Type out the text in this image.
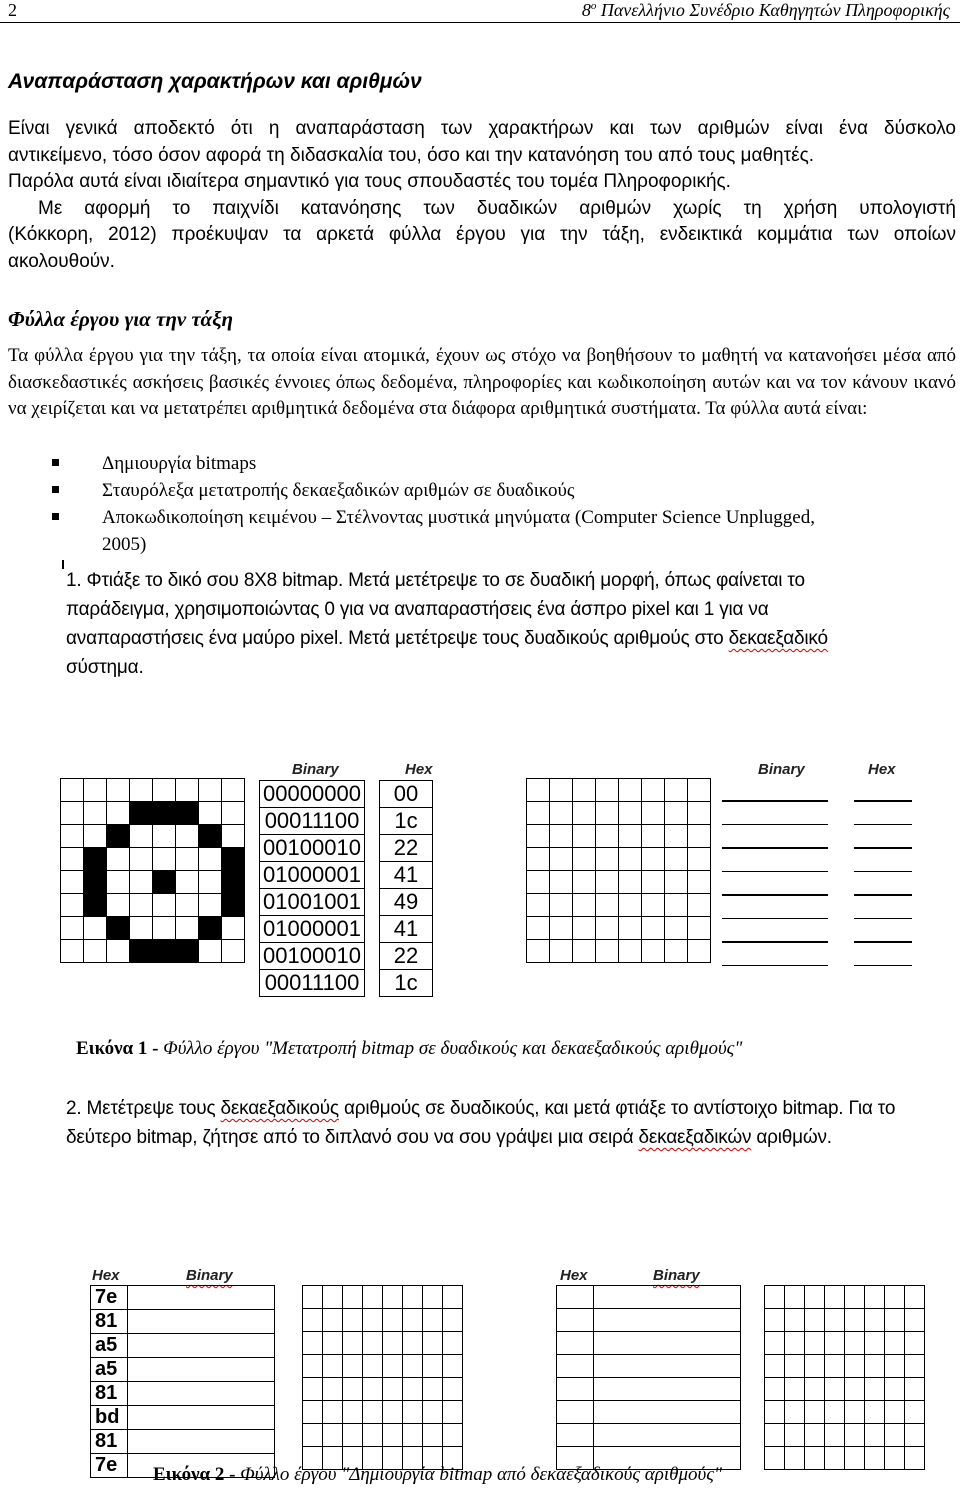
2	$8^o$ Πανελλήνιο Συνέδριο Καθηγητών Πληροφορικής
Αναπαράσταση χαρακτήρων και αριθμών
Είναι γενικά αποδεκτό ότι η αναπαράσταση των χαρακτήρων και των αριθμών είναι ένα δύσκολο
αντικείμενο, τόσο όσον αφορά τη διδασκαλία του, όσο και την κατανόηση του από τους μαθητές.
Παρόλα αυτά είναι ιδιαίτερα σημαντικό για τους σπουδαστές του τομέα Πληροφορικής.
Με αφορμή το παιχνίδι κατανόησης των δυαδικών αριθμών χωρίς τη χρήση υπολογιστή
(Κόκκορη, 2012) προέκυψαν τα αρκετά φύλλα έργου για την τάξη, ενδεικτικά κομμάτια των οποίων
ακολουθούν.
Φύλλα έργου για την τάξη
Τα φύλλα έργου για την τάξη, τα οποία είναι ατομικά, έχουν ως στόχο να βοηθήσουν το μαθητή να κατανοήσει μέσα από διασκεδαστικές ασκήσεις βασικές έννοιες όπως δεδομένα, πληροφορίες και κωδικοποίηση αυτών και να τον κάνουν ικανό να χειρίζεται και να μετατρέπει αριθμητικά δεδομένα στα διάφορα αριθμητικά συστήματα. Τα φύλλα αυτά είναι:
Δημιουργία bitmaps
Σταυρόλεξα μετατροπής δεκαεξαδικών αριθμών σε δυαδικούς
Αποκωδικοποίηση κειμένου – Στέλνοντας μυστικά μηνύματα (Computer Science Unplugged, 2005)
1. Φτιάξε το δικό σου 8X8 bitmap. Μετά μετέτρεψε το σε δυαδική μορφή, όπως φαίνεται το παράδειγμα, χρησιμοποιώντας 0 για να αναπαραστήσεις ένα άσπρο pixel και 1 για να αναπαραστήσεις ένα μαύρο pixel. Μετά μετέτρεψε τους δυαδικούς αριθμούς στο δεκαεξαδικό σύστημα.

Binary	Hex
00000000		00
00011100		1c
00100010		22
01000001		41
01001001		49
01000001		41
00100010		22
00011100		1c

Binary	Hex
Εικόνα 1 - Φύλλο έργου "Μετατροπή bitmap σε δυαδικούς και δεκαεξαδικούς αριθμούς"
2. Μετέτρεψε τους δεκαεξαδικούς αριθμούς σε δυαδικούς, και μετά φτιάξε το αντίστοιχο bitmap. Για το δεύτερο bitmap, ζήτησε από το διπλανό σου να σου γράψει μια σειρά δεκαεξαδικών αριθμών.
Hex	Binary
7e	
81	
a5	
a5	
81	
bd	
81	
7e	

Hex	Binary

Εικόνα 2 - Φύλλο έργου "Δημιουργία bitmap από δεκαεξαδικούς αριθμούς"
